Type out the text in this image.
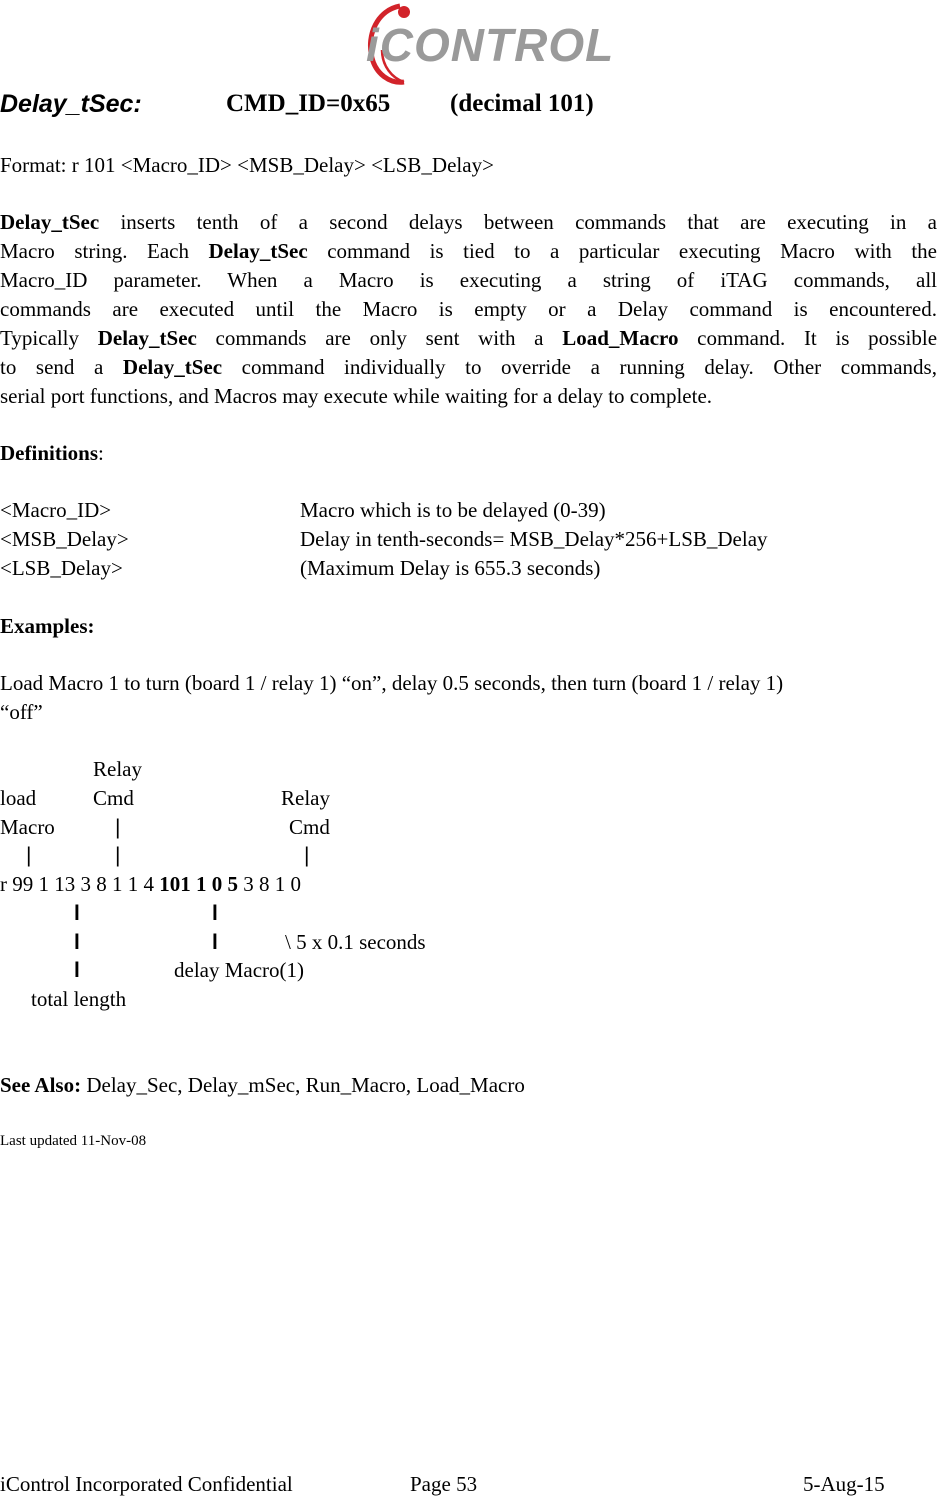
iCONTROL
Delay_tSec:	CMD_ID=0x65 (decimal 101)
Format: r 101 <Macro_ID> <MSB_Delay> <LSB_Delay>
Delay_tSec inserts tenth of a second delays between commands that are executing in a
Macro string. Each Delay_tSec command is tied to a particular executing Macro with the
Macro_ID parameter. When a Macro is executing a string of iTAG commands, all
commands are executed until the Macro is empty or a Delay command is encountered.
Typically Delay_tSec commands are only sent with a Load_Macro command. It is possible
to send a Delay_tSec command individually to override a running delay. Other commands,
serial port functions, and Macros may execute while waiting for a delay to complete.
Definitions:
<Macro_ID>	Macro which is to be delayed (0-39)
<MSB_Delay>	Delay in tenth-seconds= MSB_Delay*256+LSB_Delay
<LSB_Delay>	(Maximum Delay is 655.3 seconds)
Examples:
Load Macro 1 to turn (board 1 / relay 1) “on”, delay 0.5 seconds, then turn (board 1 / relay 1)
“off”
Relay
load	Cmd	Relay
Macro	|	Cmd
|	|	|
r 99 1 13 3 8 1 1 4 101 1 0 5 3 8 1 0
l	l
l	l	\ 5 x 0.1 seconds
l	delay Macro(1)
total length
See Also: Delay_Sec, Delay_mSec, Run_Macro, Load_Macro
Last updated 11-Nov-08
iControl Incorporated Confidential	Page 53	5-Aug-15
